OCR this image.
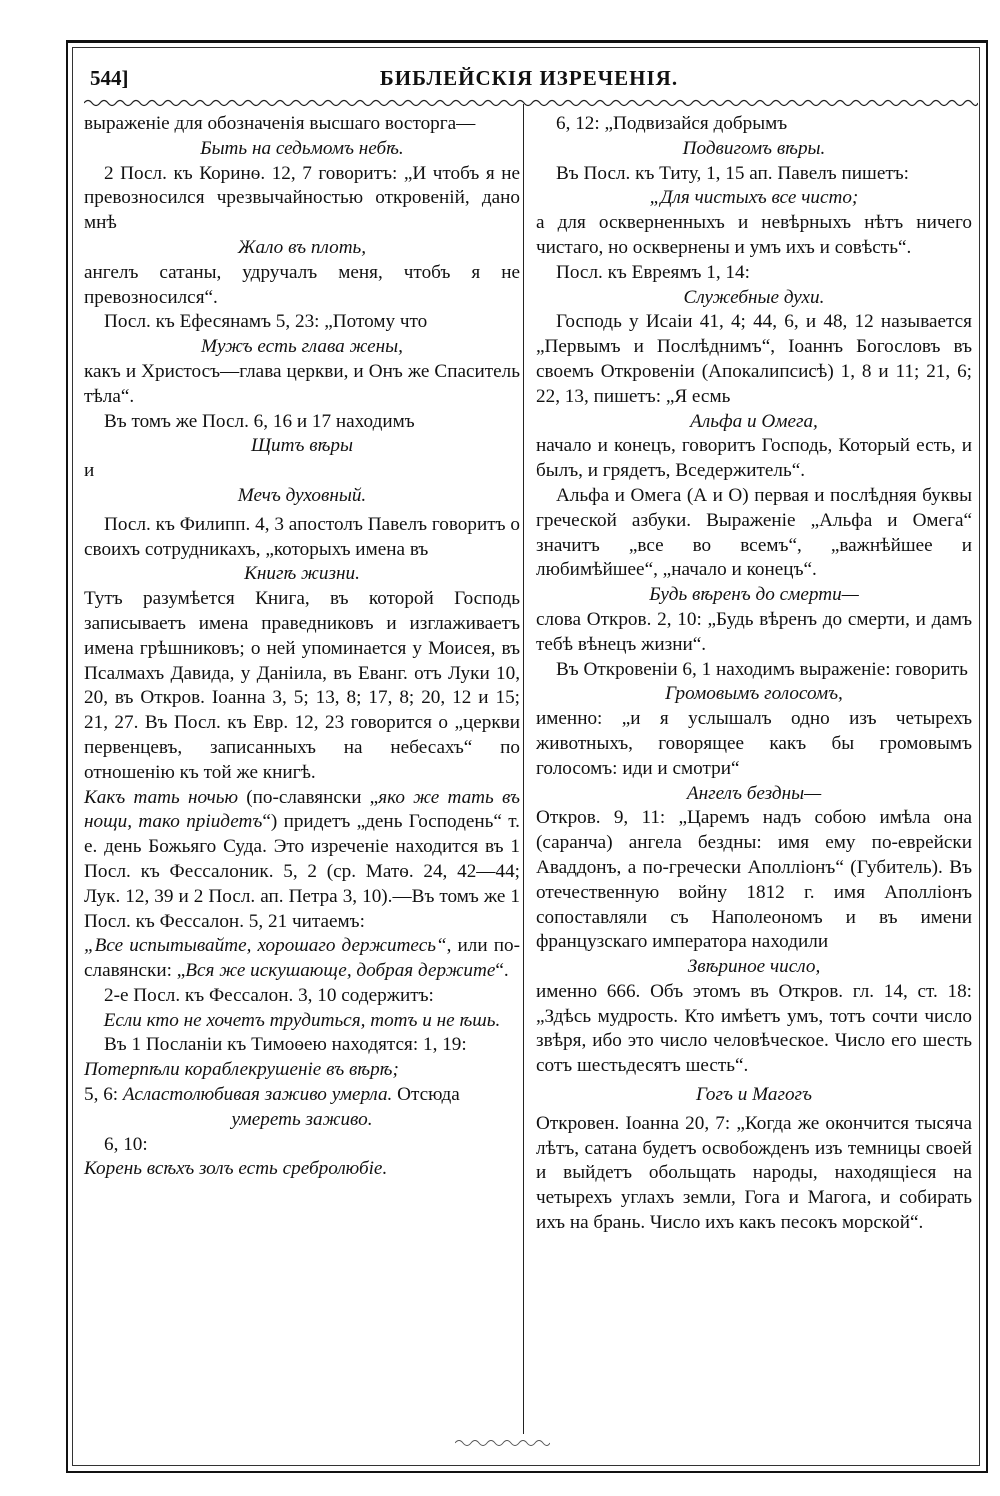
544]	БИБЛЕЙСКІЯ ИЗРЕЧЕНІЯ.

выраженіе для обозначенія высшаго восторга—

Быть на седьмомъ небѣ.

2 Посл. къ Коринѳ. 12, 7 говоритъ: „И чтобъ я не превозносился чрезвычайностью откровеній, дано мнѣ

Жало въ плоть,

ангелъ сатаны, удручалъ меня, чтобъ я не превозносился“.

Посл. къ Ефесянамъ 5, 23: „Потому что

Мужъ есть глава жены,

какъ и Христосъ—глава церкви, и Онъ же Спаситель тѣла“.

Въ томъ же Посл. 6, 16 и 17 находимъ

Щитъ вѣры

и

Мечъ духовный.

Посл. къ Филипп. 4, 3 апостолъ Павелъ говоритъ о своихъ сотрудникахъ, „которыхъ имена въ

Книгѣ жизни.

Тутъ разумѣется Книга, въ которой Господь записываетъ имена праведниковъ и изглаживаетъ имена грѣшниковъ; о ней упоминается у Моисея, въ Псалмахъ Давида, у Даніила, въ Еванг. отъ Луки 10, 20, въ Откров. Іоанна 3, 5; 13, 8; 17, 8; 20, 12 и 15; 21, 27. Въ Посл. къ Евр. 12, 23 говорится о „церкви первенцевъ, записанныхъ на небесахъ“ по отношенію къ той же книгѣ.

Какъ тать ночью (по-славянски „яко же тать въ нощи, тако пріидетъ“) придетъ „день Господень“ т. е. день Божьяго Суда. Это изреченіе находится въ 1 Посл. къ Фессалоник. 5, 2 (ср. Матѳ. 24, 42—44; Лук. 12, 39 и 2 Посл. ап. Петра 3, 10).—Въ томъ же 1 Посл. къ Фессалон. 5, 21 читаемъ:

„Все испытывайте, хорошаго держитесь“, или по-славянски: „Вся же искушающе, добрая держите“.

2-е Посл. къ Фессалон. 3, 10 содержитъ:

Если кто не хочетъ трудиться, тотъ и не ѣшь.

Въ 1 Посланіи къ Тимоѳею находятся: 1, 19:

Потерпѣли кораблекрушеніе въ вѣрѣ;

5, 6: Аслaстолюбивая заживо умерла. Отсюда

умереть заживо.

6, 10:

Корень всѣхъ золъ есть сребролюбіе.

6, 12: „Подвизайся добрымъ

Подвигомъ вѣры.

Въ Посл. къ Титу, 1, 15 ап. Павелъ пишетъ:

„Для чистыхъ все чисто;

а для оскверненныхъ и невѣрныхъ нѣтъ ничего чистаго, но осквернены и умъ ихъ и совѣсть“.

Посл. къ Евреямъ 1, 14:

Служебные духи.

Господь у Исаіи 41, 4; 44, 6, и 48, 12 называется „Первымъ и Послѣднимъ“, Іоаннъ Богословъ въ своемъ Откровеніи (Апокалипсисѣ) 1, 8 и 11; 21, 6; 22, 13, пишетъ: „Я есмь

Альфа и Омега,

начало и конецъ, говоритъ Господь, Который есть, и былъ, и грядетъ, Вседержитель“.

Альфа и Омега (А и О) первая и послѣдняя буквы греческой азбуки. Выраженіе „Альфа и Омега“ значитъ „все во всемъ“, „важнѣйшее и любимѣйшее“, „начало и конецъ“.

Будь вѣренъ до смерти—

слова Откров. 2, 10: „Будь вѣренъ до смерти, и дамъ тебѣ вѣнецъ жизни“.

Въ Откровеніи 6, 1 находимъ выраженіе: говорить

Громовымъ голосомъ,

именно: „и я услышалъ одно изъ четырехъ животныхъ, говорящее какъ бы громовымъ голосомъ: иди и смотри“

Ангелъ бездны—

Откров. 9, 11: „Царемъ надъ собою имѣла она (саранча) ангела бездны: имя ему по-еврейски Аваддонъ, а по-гречески Аполліонъ“ (Губитель). Въ отечественную войну 1812 г. имя Аполліонъ сопоставляли съ Наполеономъ и въ имени французскаго императора находили

Звѣриное число,

именно 666. Объ этомъ въ Откров. гл. 14, ст. 18: „Здѣсь мудрость. Кто имѣетъ умъ, тотъ сочти число звѣря, ибо это число человѣческое. Число его шесть сотъ шестьдесятъ шесть“.

Гогъ и Магогъ

Откровен. Іоанна 20, 7: „Когда же окончится тысяча лѣтъ, сатана будетъ освобожденъ изъ темницы своей и выйдетъ обольщать народы, находящіеся на четырехъ углахъ земли, Гога и Магога, и собирать ихъ на брань. Число ихъ какъ песокъ морской“.
